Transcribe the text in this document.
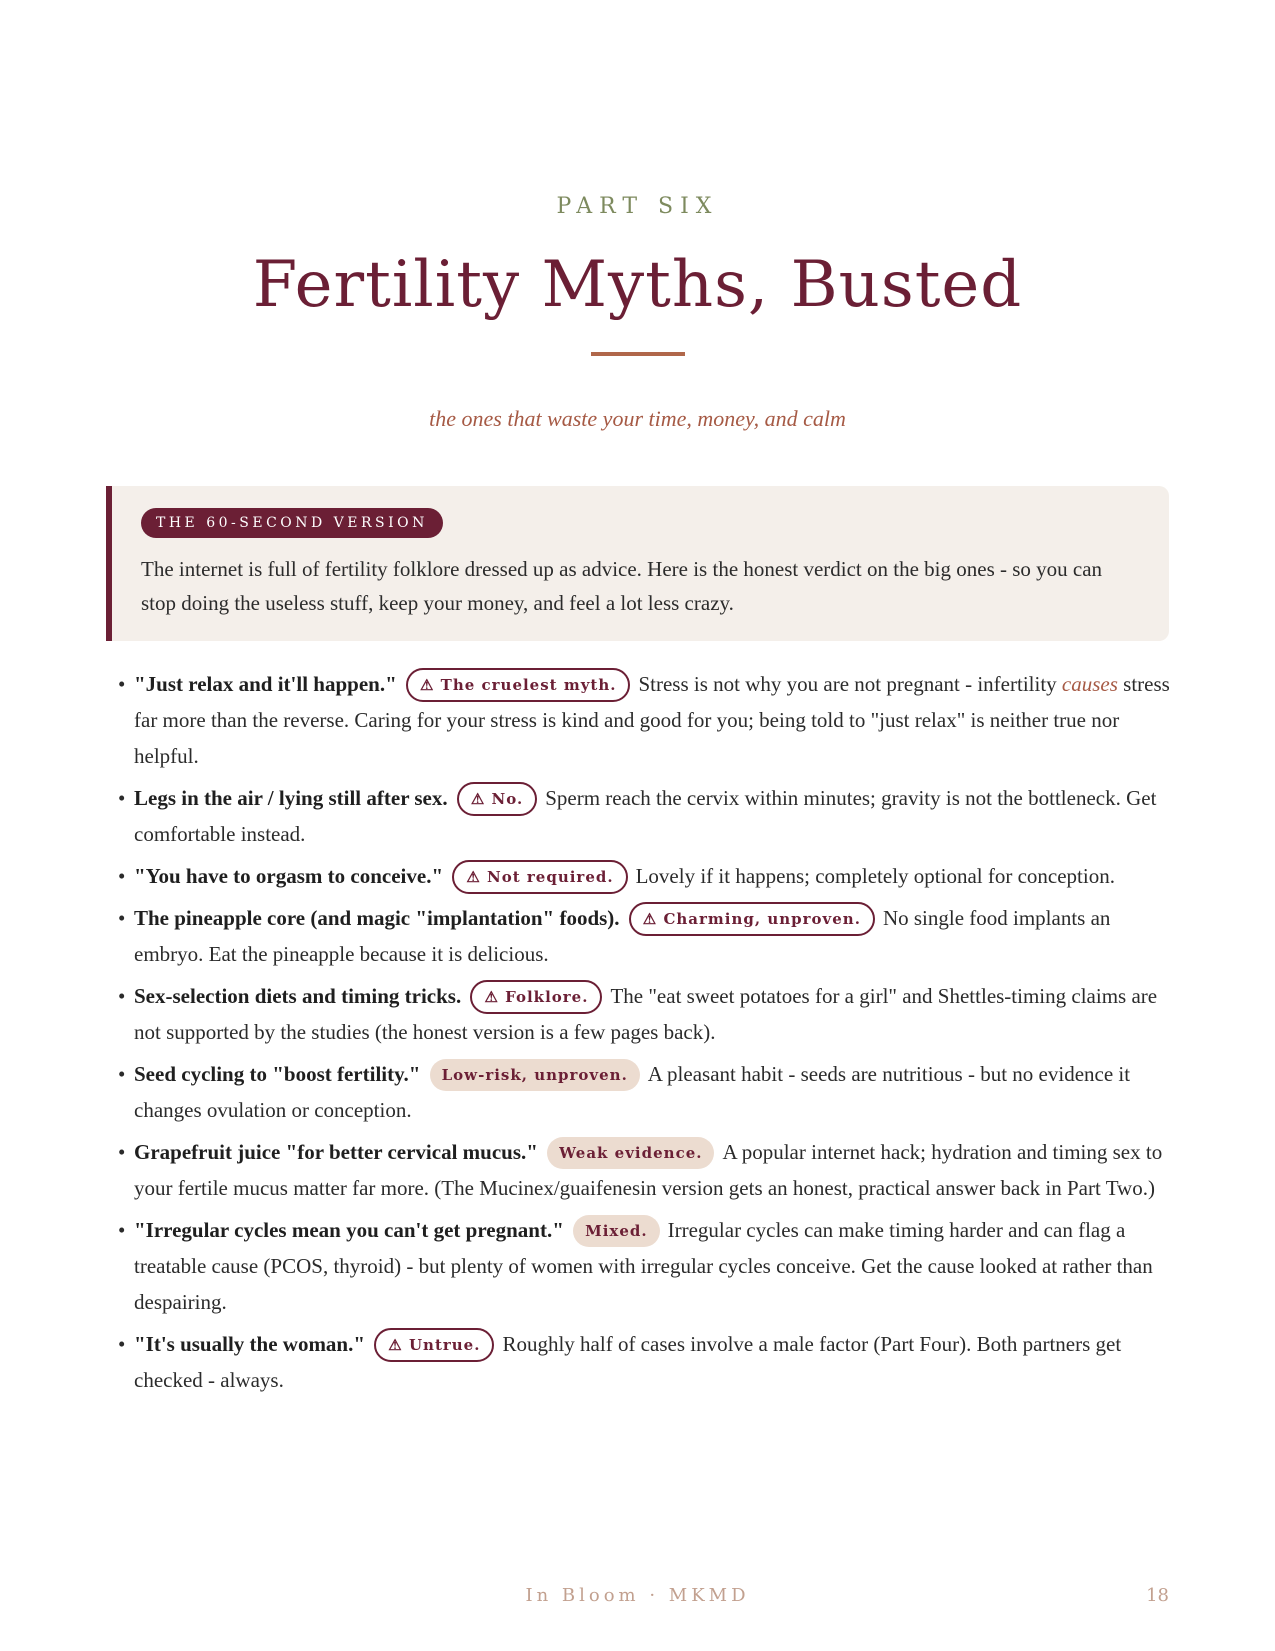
PART SIX
Fertility Myths, Busted
the ones that waste your time, money, and calm
THE 60-SECOND VERSION

The internet is full of fertility folklore dressed up as advice. Here is the honest verdict on the big ones - so you can stop doing the useless stuff, keep your money, and feel a lot less crazy.

• "Just relax and it'll happen." ⚠ The cruelest myth. Stress is not why you are not pregnant - infertility causes stress far more than the reverse. Caring for your stress is kind and good for you; being told to "just relax" is neither true nor helpful.
• Legs in the air / lying still after sex. ⚠ No. Sperm reach the cervix within minutes; gravity is not the bottleneck. Get comfortable instead.
• "You have to orgasm to conceive." ⚠ Not required. Lovely if it happens; completely optional for conception.
• The pineapple core (and magic "implantation" foods). ⚠ Charming, unproven. No single food implants an embryo. Eat the pineapple because it is delicious.
• Sex-selection diets and timing tricks. ⚠ Folklore. The "eat sweet potatoes for a girl" and Shettles-timing claims are not supported by the studies (the honest version is a few pages back).
• Seed cycling to "boost fertility." Low-risk, unproven. A pleasant habit - seeds are nutritious - but no evidence it changes ovulation or conception.
• Grapefruit juice "for better cervical mucus." Weak evidence. A popular internet hack; hydration and timing sex to your fertile mucus matter far more. (The Mucinex/guaifenesin version gets an honest, practical answer back in Part Two.)
• "Irregular cycles mean you can't get pregnant." Mixed. Irregular cycles can make timing harder and can flag a treatable cause (PCOS, thyroid) - but plenty of women with irregular cycles conceive. Get the cause looked at rather than despairing.
• "It's usually the woman." ⚠ Untrue. Roughly half of cases involve a male factor (Part Four). Both partners get checked - always.
In Bloom · MKMD	18
